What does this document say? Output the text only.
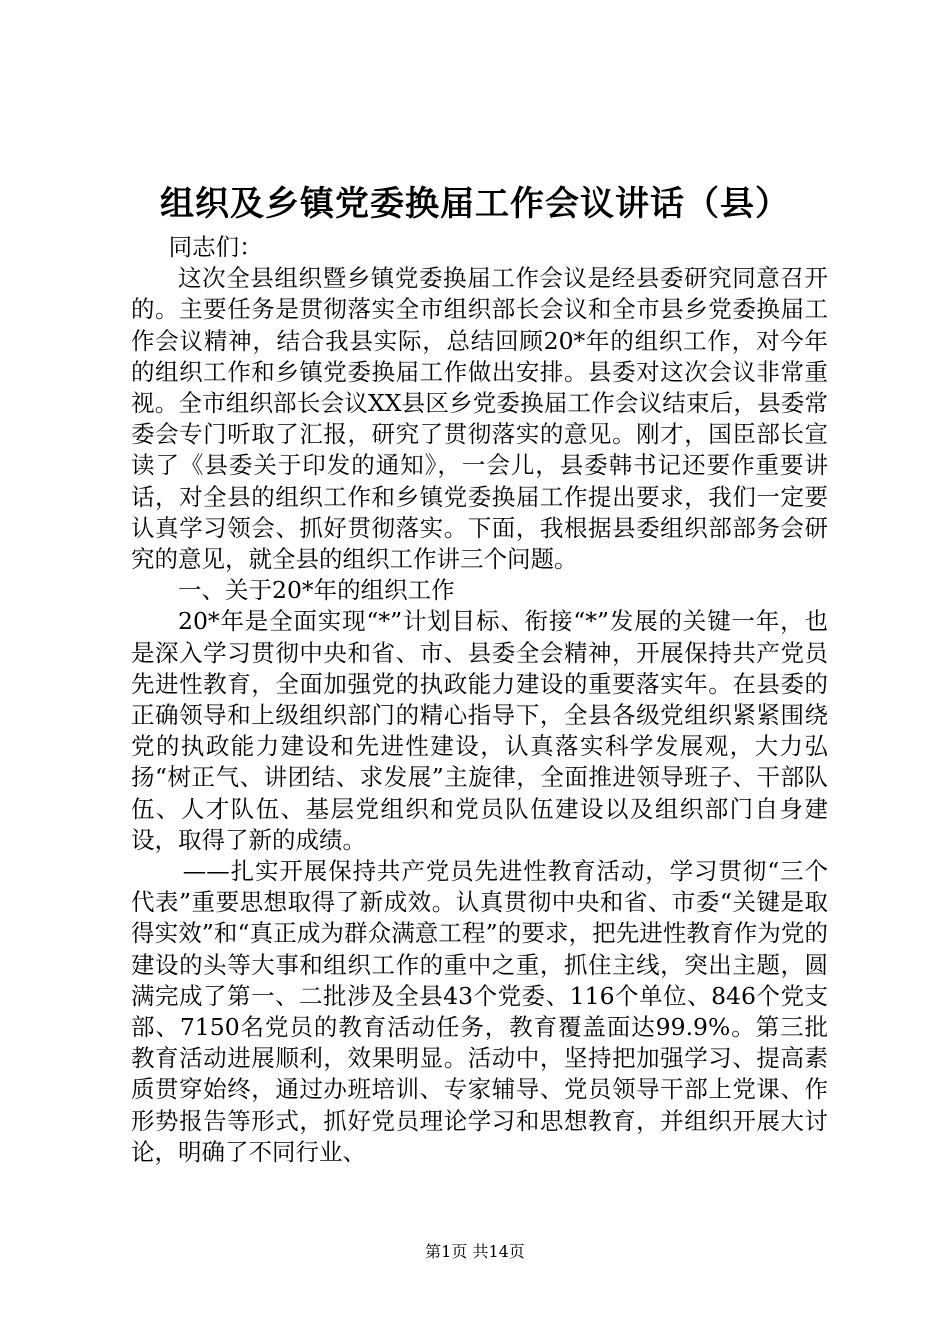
组织及乡镇党委换届工作会议讲话（县）

同志们：

这次全县组织暨乡镇党委换届工作会议是经县委研究同意召开的。主要任务是贯彻落实全市组织部长会议和全市县乡党委换届工作会议精神，结合我县实际，总结回顾20*年的组织工作，对今年的组织工作和乡镇党委换届工作做出安排。县委对这次会议非常重视。全市组织部长会议XX县区乡党委换届工作会议结束后，县委常委会专门听取了汇报，研究了贯彻落实的意见。刚才，国臣部长宣读了《县委关于印发的通知》，一会儿，县委韩书记还要作重要讲话，对全县的组织工作和乡镇党委换届工作提出要求，我们一定要认真学习领会、抓好贯彻落实。下面，我根据县委组织部部务会研究的意见，就全县的组织工作讲三个问题。

一、关于20*年的组织工作

20*年是全面实现“*”计划目标、衔接“*”发展的关键一年，也是深入学习贯彻中央和省、市、县委全会精神，开展保持共产党员先进性教育，全面加强党的执政能力建设的重要落实年。在县委的正确领导和上级组织部门的精心指导下，全县各级党组织紧紧围绕党的执政能力建设和先进性建设，认真落实科学发展观，大力弘扬“树正气、讲团结、求发展”主旋律，全面推进领导班子、干部队伍、人才队伍、基层党组织和党员队伍建设以及组织部门自身建设，取得了新的成绩。

——扎实开展保持共产党员先进性教育活动，学习贯彻“三个代表”重要思想取得了新成效。认真贯彻中央和省、市委“关键是取得实效”和“真正成为群众满意工程”的要求，把先进性教育作为党的建设的头等大事和组织工作的重中之重，抓住主线，突出主题，圆满完成了第一、二批涉及全县43个党委、116个单位、846个党支部、7150名党员的教育活动任务，教育覆盖面达99.9%。第三批教育活动进展顺利，效果明显。活动中，坚持把加强学习、提高素质贯穿始终，通过办班培训、专家辅导、党员领导干部上党课、作形势报告等形式，抓好党员理论学习和思想教育，并组织开展大讨论，明确了不同行业、

第1页 共14页
